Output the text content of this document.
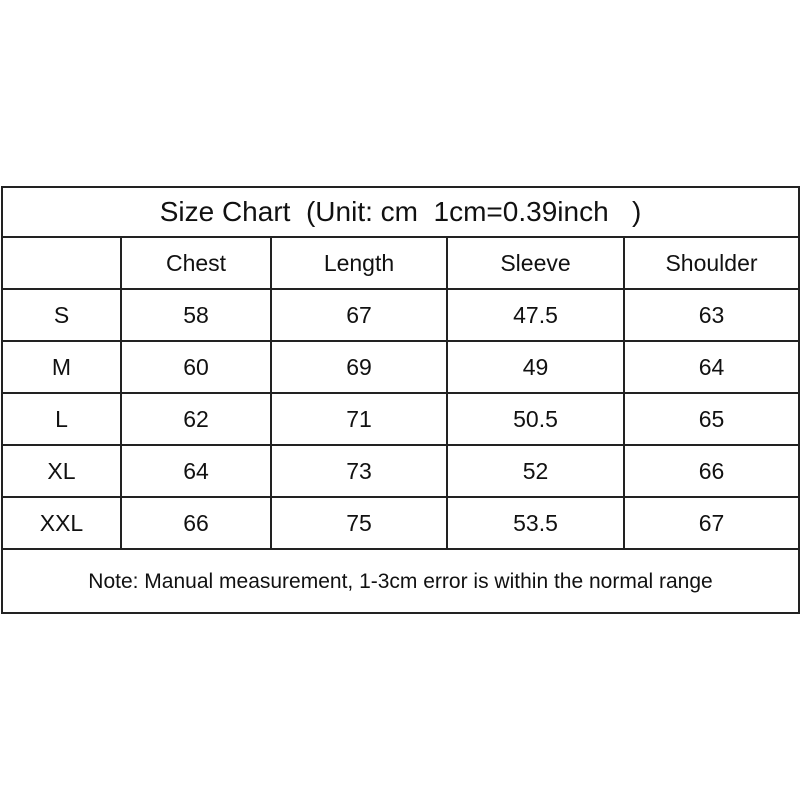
Size Chart  (Unit: cm  1cm=0.39inch   )				
	Chest	Length	Sleeve	Shoulder
S	58	67	47.5	63
M	60	69	49	64
L	62	71	50.5	65
XL	64	73	52	66
XXL	66	75	53.5	67
Note: Manual measurement, 1-3cm error is within the normal range				
